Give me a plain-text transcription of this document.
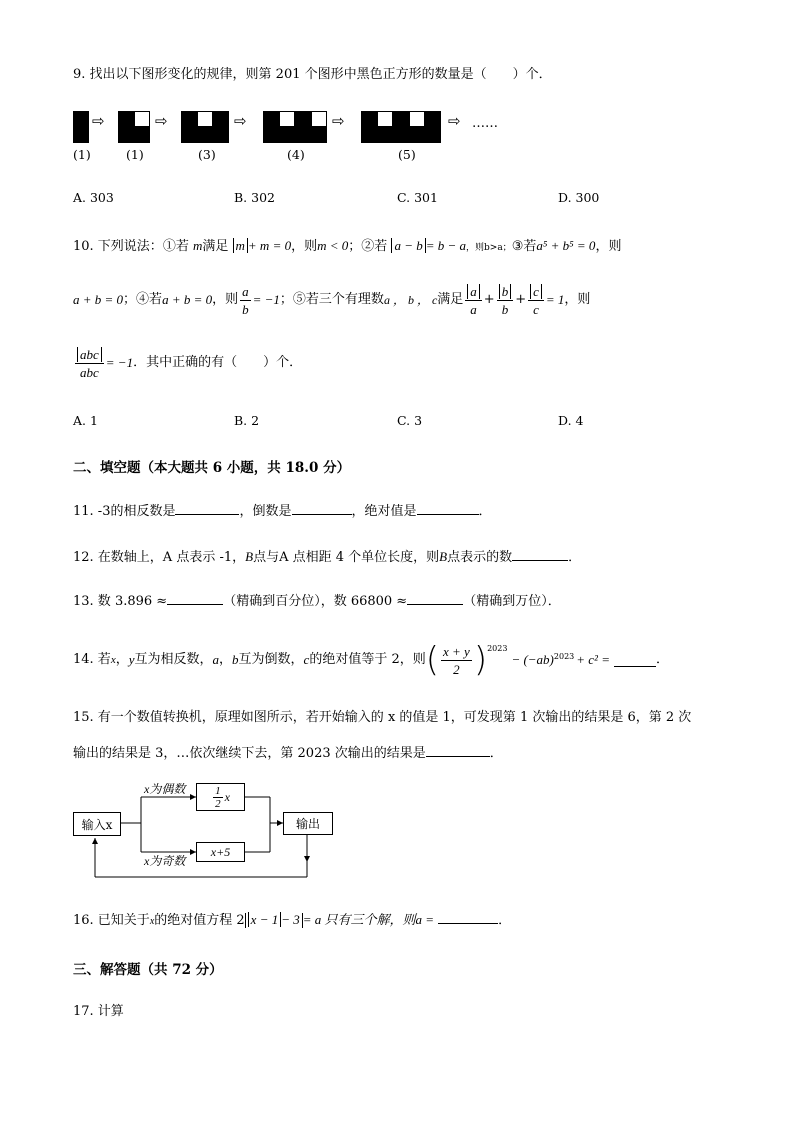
9. 找出以下图形变化的规律，则第 201 个图形中黑色正方形的数量是（　　）个．
⇨	⇨	⇨	⇨	⇨ ……
(1)	(1)	(3)	(4)	(5)
A. 303	B. 302	C. 301	D. 300
10. 下列说法：①若 m满足 m + m = 0，则m < 0；②若 a − b = b − a，则b>a；③若a⁵ + b⁵ = 0，则
a + b = 0 ；④若 a + b = 0 ，则 $\frac{a}{b} = -1$ ；⑤若三个有理数 a ， b ， c 满足 $\frac{a}{a} + \frac{b}{b} + \frac{c}{c} = 1$ ，则
$\frac{\text{abc}}{\text{abc}} = -1$ ．其中正确的有（　　）个．
A. 1	B. 2	C. 3	D. 4
二、填空题（本大题共 6 小题，共 18.0 分）
11. -3的相反数是	，倒数是	，绝对值是	．
12. 在数轴上，A 点表示 -1，B点与A 点相距 4 个单位长度，则B点表示的数	．
13. 数 3.896 ≈	（精确到百分位），数 66800 ≈	（精确到万位）．
14. 若 x ， y 互为相反数， a ， b 互为倒数， c 的绝对值等于 2，则 ( $\frac{x + y}{2} )^{2023}$
− $(-ab)^{2023} + c^2$ =	．
15. 有一个数值转换机，原理如图所示，若开始输入的 x 的值是 1，可发现第 1 次输出的结果是 6，第 2 次
输出的结果是 3，…依次继续下去，第 2023 次输出的结果是	．
输入x
x为偶数	$\frac{1}{2}$ x
x+5
x为奇数
输出
16. 已知关于x的绝对值方程 2 x − 1 − 3 = a 只有三个解，则a =	．
三、解答题（共 72 分）
17. 计算
